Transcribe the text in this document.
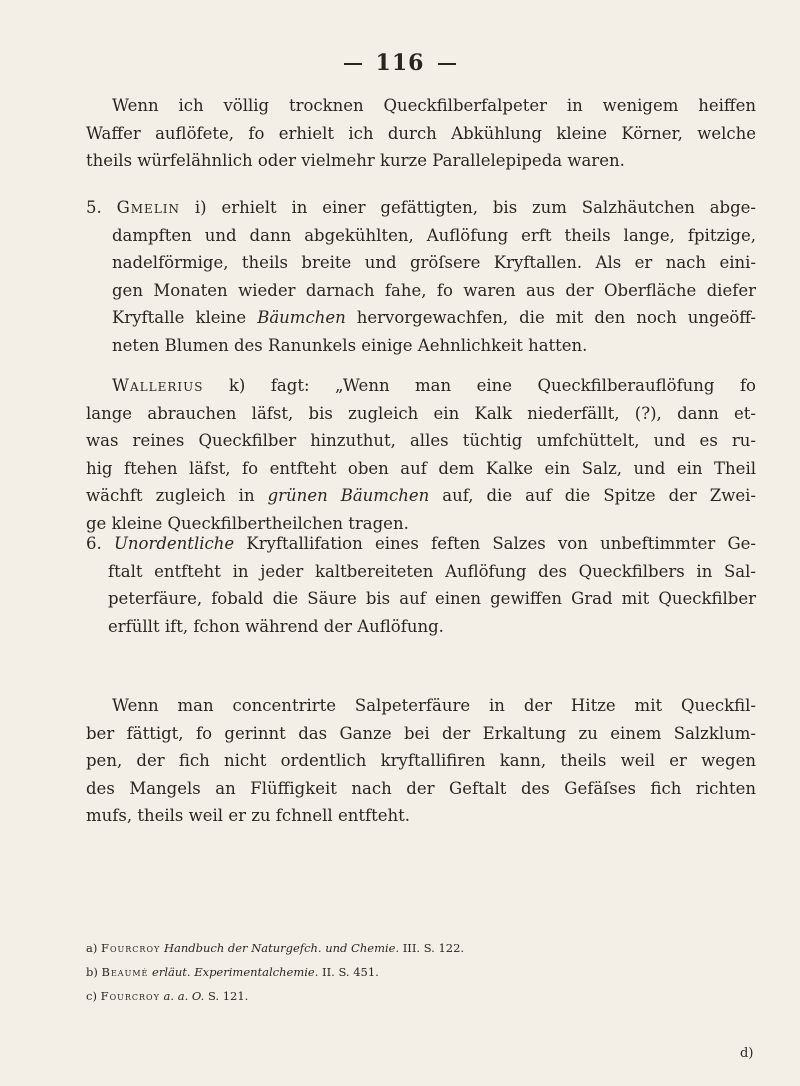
116
Wenn ich völlig trocknen Queckfilberfalpeter in wenigem heiffen
Waffer auflöfete, fo erhielt ich durch Abkühlung kleine Körner, welche
theils würfelähnlich oder vielmehr kurze Parallelepipeda waren.
5. Gmelin i) erhielt in einer gefättigten, bis zum Salzhäutchen abge-
dampften und dann abgekühlten, Auflöfung erft theils lange, fpitzige,
nadelförmige, theils breite und gröſsere Kryftallen. Als er nach eini-
gen Monaten wieder darnach fahe, fo waren aus der Oberfläche diefer
Kryftalle kleine Bäumchen hervorgewachfen, die mit den noch ungeöff-
neten Blumen des Ranunkels einige Aehnlichkeit hatten.
Wallerius k) fagt: „Wenn man eine Queckfilberauflöfung fo
lange abrauchen läfst, bis zugleich ein Kalk niederfällt, (?), dann et-
was reines Queckfilber hinzuthut, alles tüchtig umfchüttelt, und es ru-
hig ftehen läfst, fo entfteht oben auf dem Kalke ein Salz, und ein Theil
wächft zugleich in grünen Bäumchen auf, die auf die Spitze der Zwei-
ge kleine Queckfilbertheilchen tragen.
6. Unordentliche Kryftallifation eines feften Salzes von unbeftimmter Ge-
ftalt entfteht in jeder kaltbereiteten Auflöfung des Queckfilbers in Sal-
peterfäure, fobald die Säure bis auf einen gewiffen Grad mit Queckfilber
erfüllt ift, fchon während der Auflöfung.
Wenn man concentrirte Salpeterfäure in der Hitze mit Queckfil-
ber fättigt, fo gerinnt das Ganze bei der Erkaltung zu einem Salzklum-
pen, der fich nicht ordentlich kryftallifiren kann, theils weil er wegen
des Mangels an Flüffigkeit nach der Geftalt des Gefäſses fich richten
mufs, theils weil er zu fchnell entfteht.
a) Fourcroy Handbuch der Naturgefch. und Chemie. III. S. 122.
b) Beaumé erläut. Experimentalchemie. II. S. 451.
c) Fourcroy a. a. O. S. 121.
d)
